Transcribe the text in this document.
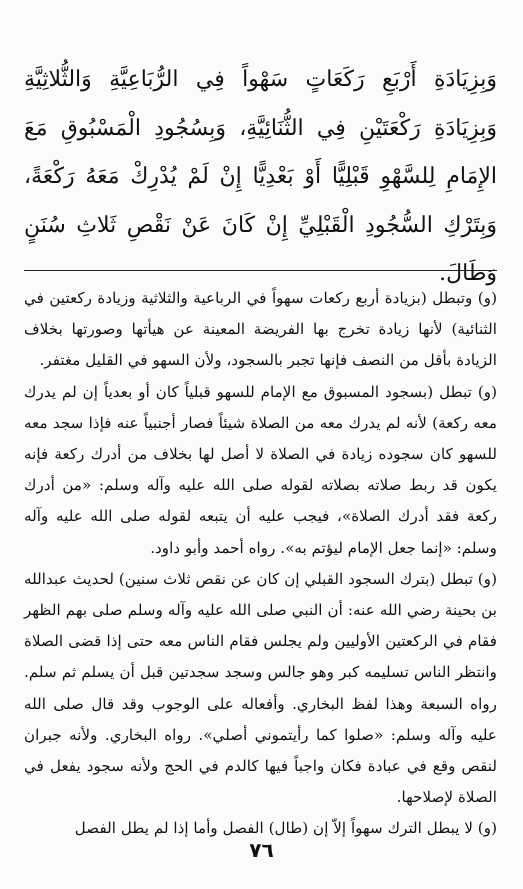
وَبِزِيَادَةِ أَرْبَعِ رَكَعَاتٍ سَهْواً فِي الرُّبَاعِيَّةِ وَالثُّلاثِيَّةِ وَبِزِيَادَةِ رَكْعَتَيْنِ فِي الثُّنَائِيَّةِ، وَبِسُجُودِ الْمَسْبُوقِ مَعَ الإِمَامِ لِلسَّهْوِ قَبْلِيًّا أَوْ بَعْدِيًّا إِنْ لَمْ يُدْرِكْ مَعَهُ رَكْعَةً، وَبِتَرْكِ السُّجُودِ الْقَبْلِيِّ إِنْ كَانَ عَنْ نَقْصِ ثَلاثِ سُنَنٍ وَطَالَ.

(و) وتبطل (بزيادة أربع ركعات سهواً في الرباعية والثلاثية وزيادة ركعتين في الثنائية) لأنها زيادة تخرج بها الفريضة المعينة عن هيأتها وصورتها بخلاف الزيادة بأقل من النصف فإنها تجبر بالسجود، ولأن السهو في القليل مغتفر.

(و) تبطل (بسجود المسبوق مع الإمام للسهو قبلياً كان أو بعدياً إن لم يدرك معه ركعة) لأنه لم يدرك معه من الصلاة شيئاً فصار أجنبياً عنه فإذا سجد معه للسهو كان سجوده زيادة في الصلاة لا أصل لها بخلاف من أدرك ركعة فإنه يكون قد ربط صلاته بصلاته لقوله صلى الله عليه وآله وسلم: «من أدرك ركعة فقد أدرك الصلاة»، فيجب عليه أن يتبعه لقوله صلى الله عليه وآله وسلم: «إنما جعل الإمام ليؤتم به». رواه أحمد وأبو داود.

(و) تبطل (بترك السجود القبلي إن كان عن نقص ثلاث سنين) لحديث عبدالله بن بحينة رضي الله عنه: أن النبي صلى الله عليه وآله وسلم صلى بهم الظهر فقام في الركعتين الأوليين ولم يجلس فقام الناس معه حتى إذا قضى الصلاة وانتظر الناس تسليمه كبر وهو جالس وسجد سجدتين قبل أن يسلم ثم سلم. رواه السبعة وهذا لفظ البخاري. وأفعاله على الوجوب وقد قال صلى الله عليه وآله وسلم: «صلوا كما رأيتموني أصلي». رواه البخاري. ولأنه جبران لنقص وقع في عبادة فكان واجباً فيها كالدم في الحج ولأنه سجود يفعل في الصلاة لإصلاحها.

(و) لا يبطل الترك سهواً إلاّ إن (طال) الفصل وأما إذا لم يطل الفصل

٧٦
